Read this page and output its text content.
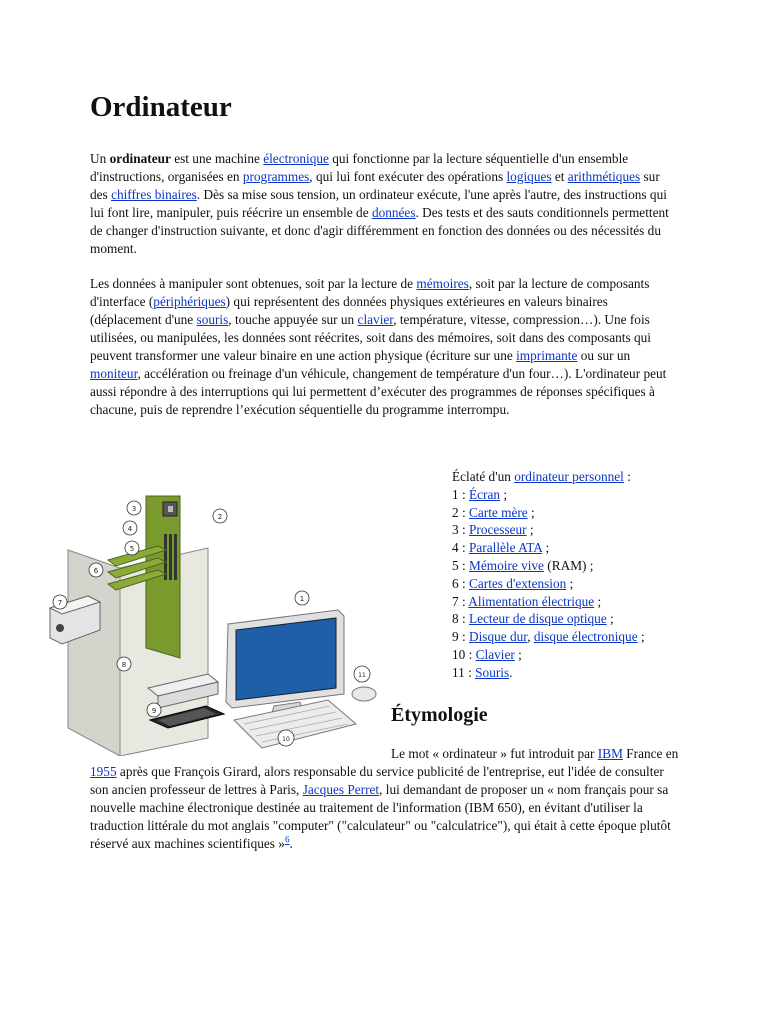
Ordinateur

Un ordinateur est une machine électronique qui fonctionne par la lecture séquentielle d'un ensemble d'instructions, organisées en programmes, qui lui font exécuter des opérations logiques et arithmétiques sur des chiffres binaires. Dès sa mise sous tension, un ordinateur exécute, l'une après l'autre, des instructions qui lui font lire, manipuler, puis réécrire un ensemble de données. Des tests et des sauts conditionnels permettent de changer d'instruction suivante, et donc d'agir différemment en fonction des données ou des nécessités du moment.

Les données à manipuler sont obtenues, soit par la lecture de mémoires, soit par la lecture de composants d'interface (périphériques) qui représentent des données physiques extérieures en valeurs binaires (déplacement d'une souris, touche appuyée sur un clavier, température, vitesse, compression…). Une fois utilisées, ou manipulées, les données sont réécrites, soit dans des mémoires, soit dans des composants qui peuvent transformer une valeur binaire en une action physique (écriture sur une imprimante ou sur un moniteur, accélération ou freinage d'un véhicule, changement de température d'un four…). L'ordinateur peut aussi répondre à des interruptions qui lui permettent d’exécuter des programmes de réponses spécifiques à chacune, puis de reprendre l’exécution séquentielle du programme interrompu.

1
2
3
4
5
6
7
8
9
10
11
Éclaté d'un ordinateur personnel :
1 : Écran ;
2 : Carte mère ;
3 : Processeur ;
4 : Parallèle ATA ;
5 : Mémoire vive (RAM) ;
6 : Cartes d'extension ;
7 : Alimentation électrique ;
8 : Lecteur de disque optique ;
9 : Disque dur, disque électronique ;
10 : Clavier ;
11 : Souris.
Étymologie

Le mot « ordinateur » fut introduit par IBM France en 1955 après que François Girard, alors responsable du service publicité de l'entreprise, eut l'idée de consulter son ancien professeur de lettres à Paris, Jacques Perret, lui demandant de proposer un « nom français pour sa nouvelle machine électronique destinée au traitement de l'information (IBM 650), en évitant d'utiliser la traduction littérale du mot anglais "computer" ("calculateur" ou "calculatrice"), qui était à cette époque plutôt réservé aux machines scientifiques »$^6$.
